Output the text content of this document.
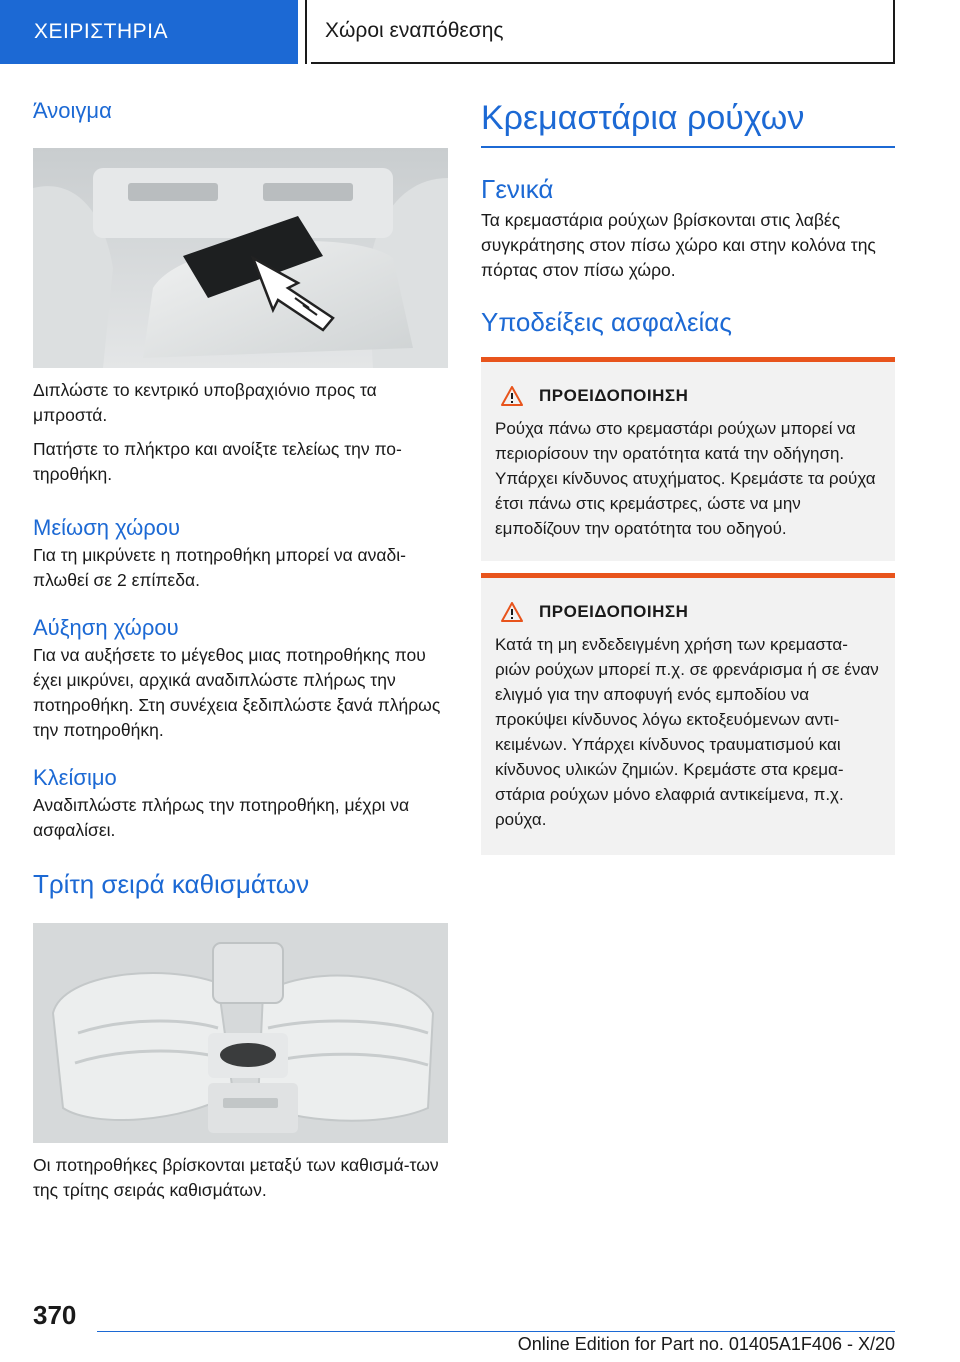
ΧΕΙΡΙΣΤΗΡΙΑ	Χώροι εναπόθεσης
Άνοιγμα

Διπλώστε το κεντρικό υποβραχιόνιο προς τα μπροστά.

Πατήστε το πλήκτρο και ανοίξτε τελείως την πο-τηροθήκη.

Μείωση χώρου

Για τη μικρύνετε η ποτηροθήκη μπορεί να αναδι-πλωθεί σε 2 επίπεδα.

Αύξηση χώρου

Για να αυξήσετε το μέγεθος μιας ποτηροθήκης που έχει μικρύνει, αρχικά αναδιπλώστε πλήρως την ποτηροθήκη. Στη συνέχεια ξεδιπλώστε ξανά πλήρως την ποτηροθήκη.

Κλείσιμο

Αναδιπλώστε πλήρως την ποτηροθήκη, μέχρι να ασφαλίσει.

Τρίτη σειρά καθισμάτων

Οι ποτηροθήκες βρίσκονται μεταξύ των καθισμά-των της τρίτης σειράς καθισμάτων.

Κρεμαστάρια ρούχων
Γενικά

Τα κρεμαστάρια ρούχων βρίσκονται στις λαβές συγκράτησης στον πίσω χώρο και στην κολόνα της πόρτας στον πίσω χώρο.

Υποδείξεις ασφαλείας
ΠΡΟΕΙΔΟΠΟΙΗΣΗ

Ρούχα πάνω στο κρεμαστάρι ρούχων μπορεί να περιορίσουν την ορατότητα κατά την οδήγηση. Υπάρχει κίνδυνος ατυχήματος. Κρεμάστε τα ρούχα έτσι πάνω στις κρεμάστρες, ώστε να μην εμποδίζουν την ορατότητα του οδηγού.

ΠΡΟΕΙΔΟΠΟΙΗΣΗ

Κατά τη μη ενδεδειγμένη χρήση των κρεμαστα-ριών ρούχων μπορεί π.χ. σε φρενάρισμα ή σε έναν ελιγμό για την αποφυγή ενός εμποδίου να προκύψει κίνδυνος λόγω εκτοξευόμενων αντι-κειμένων. Υπάρχει κίνδυνος τραυματισμού και κίνδυνος υλικών ζημιών. Κρεμάστε στα κρεμα-στάρια ρούχων μόνο ελαφριά αντικείμενα, π.χ. ρούχα.

370
Online Edition for Part no. 01405A1F406 - X/20
